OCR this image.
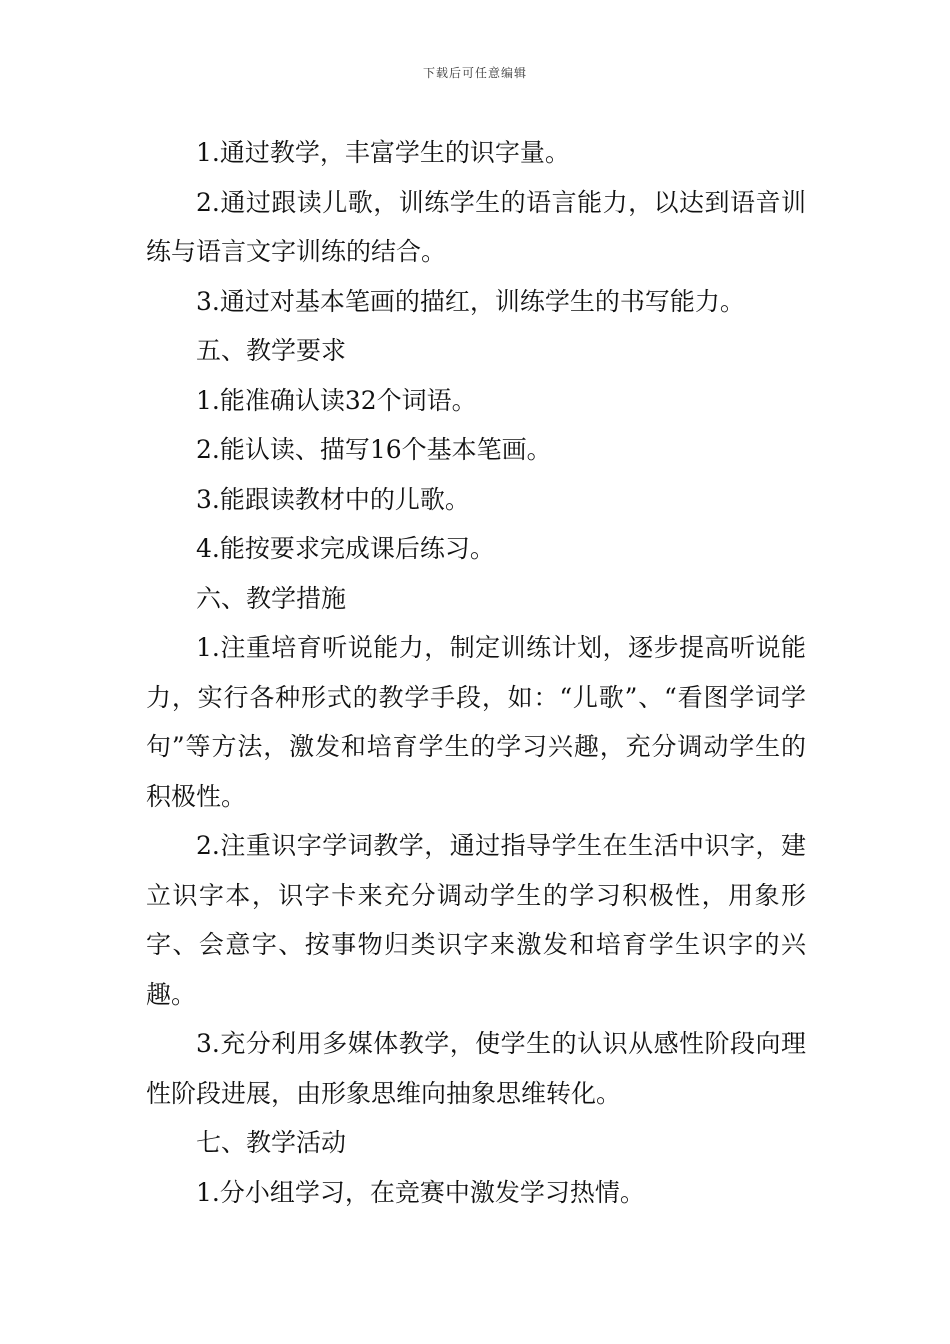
下载后可任意编辑

1.通过教学，丰富学生的识字量。

2.通过跟读儿歌，训练学生的语言能力，以达到语音训练与语言文字训练的结合。

3.通过对基本笔画的描红，训练学生的书写能力。

五、教学要求

1.能准确认读32个词语。

2.能认读、描写16个基本笔画。

3.能跟读教材中的儿歌。

4.能按要求完成课后练习。

六、教学措施

1.注重培育听说能力，制定训练计划，逐步提高听说能力，实行各种形式的教学手段，如：“儿歌”、“看图学词学句”等方法，激发和培育学生的学习兴趣，充分调动学生的积极性。

2.注重识字学词教学，通过指导学生在生活中识字，建立识字本，识字卡来充分调动学生的学习积极性，用象形字、会意字、按事物归类识字来激发和培育学生识字的兴趣。

3.充分利用多媒体教学，使学生的认识从感性阶段向理性阶段进展，由形象思维向抽象思维转化。

七、教学活动

1.分小组学习，在竞赛中激发学习热情。
